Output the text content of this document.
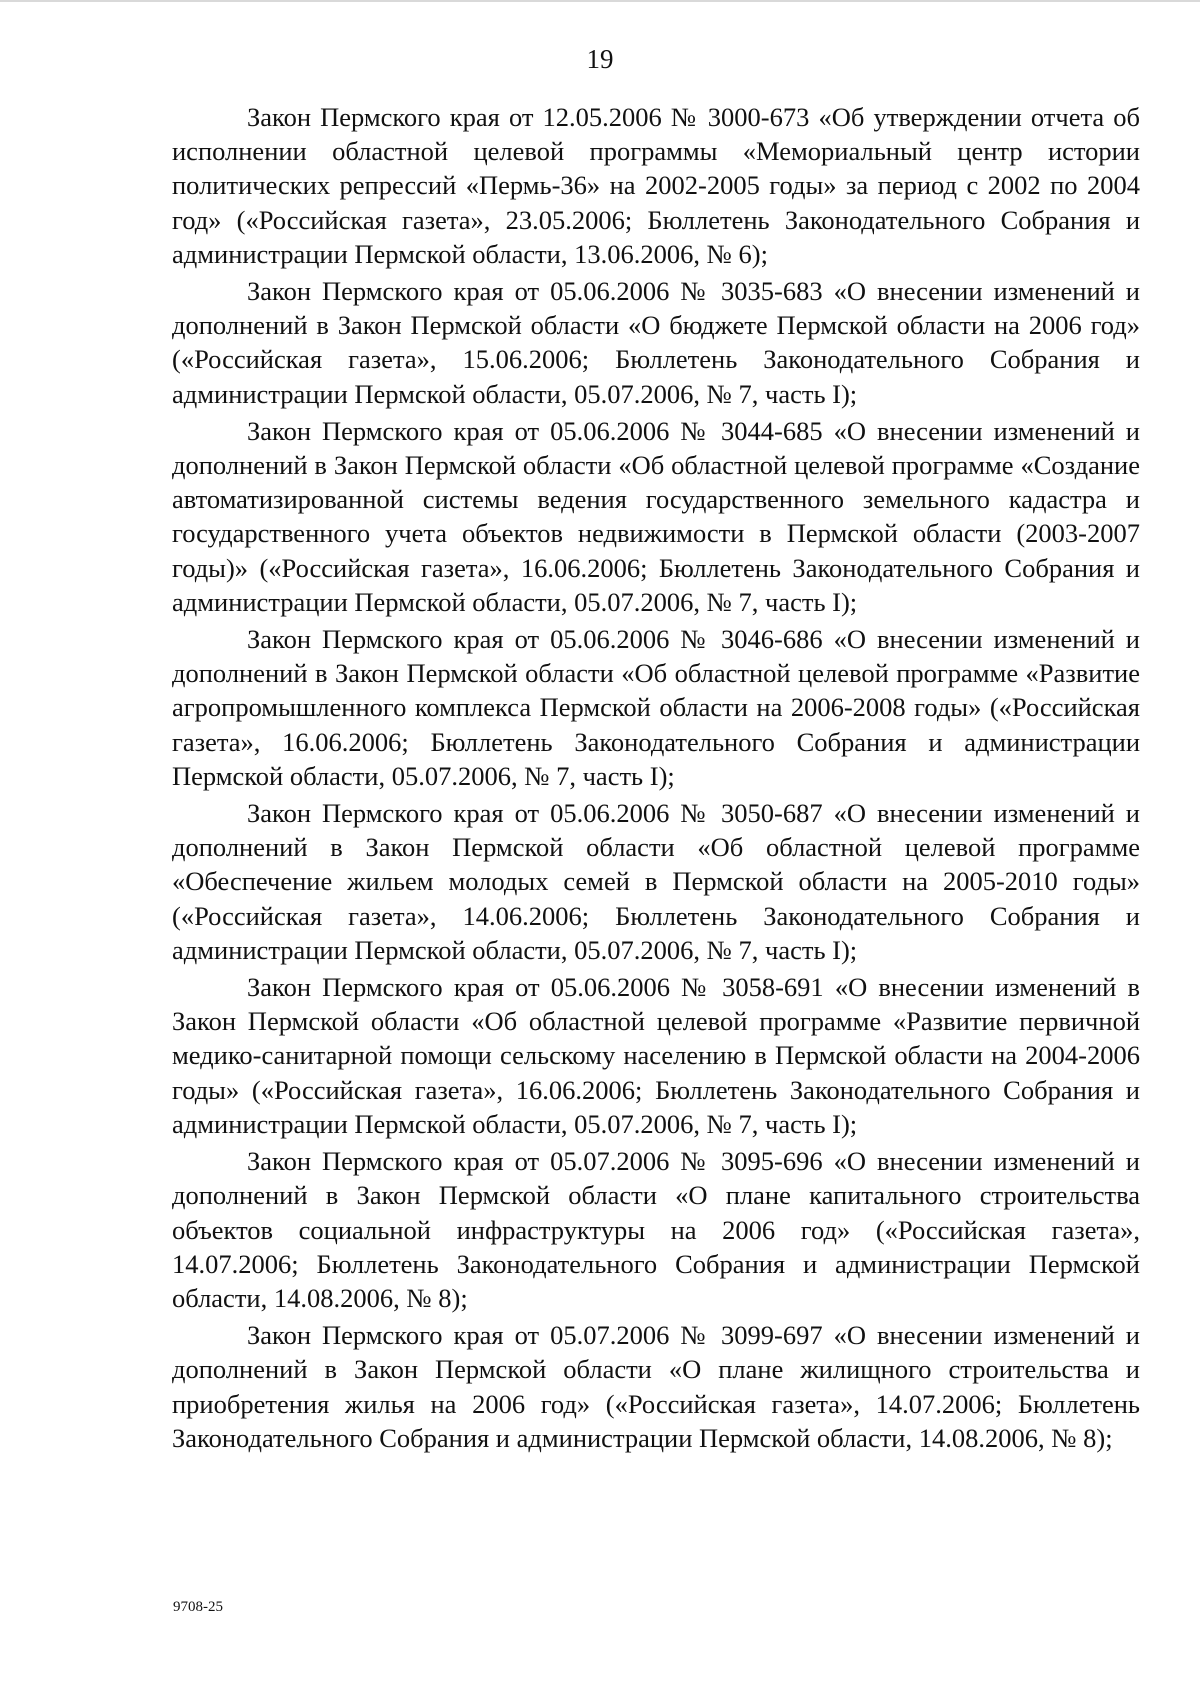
19

Закон Пермского края от 12.05.2006 № 3000-673 «Об утверждении отчета об исполнении областной целевой программы «Мемориальный центр истории политических репрессий «Пермь-36» на 2002-2005 годы» за период с 2002 по 2004 год» («Российская газета», 23.05.2006; Бюллетень Законодательного Собрания и администрации Пермской области, 13.06.2006, № 6);

Закон Пермского края от 05.06.2006 № 3035-683 «О внесении изменений и дополнений в Закон Пермской области «О бюджете Пермской области на 2006 год» («Российская газета», 15.06.2006; Бюллетень Законодательного Собрания и администрации Пермской области, 05.07.2006, № 7, часть I);

Закон Пермского края от 05.06.2006 № 3044-685 «О внесении изменений и дополнений в Закон Пермской области «Об областной целевой программе «Создание автоматизированной системы ведения государственного земельного кадастра и государственного учета объектов недвижимости в Пермской области (2003-2007 годы)» («Российская газета», 16.06.2006; Бюллетень Законодательного Собрания и администрации Пермской области, 05.07.2006, № 7, часть I);

Закон Пермского края от 05.06.2006 № 3046-686 «О внесении изменений и дополнений в Закон Пермской области «Об областной целевой программе «Развитие агропромышленного комплекса Пермской области на 2006-2008 годы» («Российская газета», 16.06.2006; Бюллетень Законодательного Собрания и администрации Пермской области, 05.07.2006, № 7, часть I);

Закон Пермского края от 05.06.2006 № 3050-687 «О внесении изменений и дополнений в Закон Пермской области «Об областной целевой программе «Обеспечение жильем молодых семей в Пермской области на 2005-2010 годы» («Российская газета», 14.06.2006; Бюллетень Законодательного Собрания и администрации Пермской области, 05.07.2006, № 7, часть I);

Закон Пермского края от 05.06.2006 № 3058-691 «О внесении изменений в Закон Пермской области «Об областной целевой программе «Развитие первичной медико-санитарной помощи сельскому населению в Пермской области на 2004-2006 годы» («Российская газета», 16.06.2006; Бюллетень Законодательного Собрания и администрации Пермской области, 05.07.2006, № 7, часть I);

Закон Пермского края от 05.07.2006 № 3095-696 «О внесении изменений и дополнений в Закон Пермской области «О плане капитального строительства объектов социальной инфраструктуры на 2006 год» («Российская газета», 14.07.2006; Бюллетень Законодательного Собрания и администрации Пермской области, 14.08.2006, № 8);

Закон Пермского края от 05.07.2006 № 3099-697 «О внесении изменений и дополнений в Закон Пермской области «О плане жилищного строительства и приобретения жилья на 2006 год» («Российская газета», 14.07.2006; Бюллетень Законодательного Собрания и администрации Пермской области, 14.08.2006, № 8);

9708-25
